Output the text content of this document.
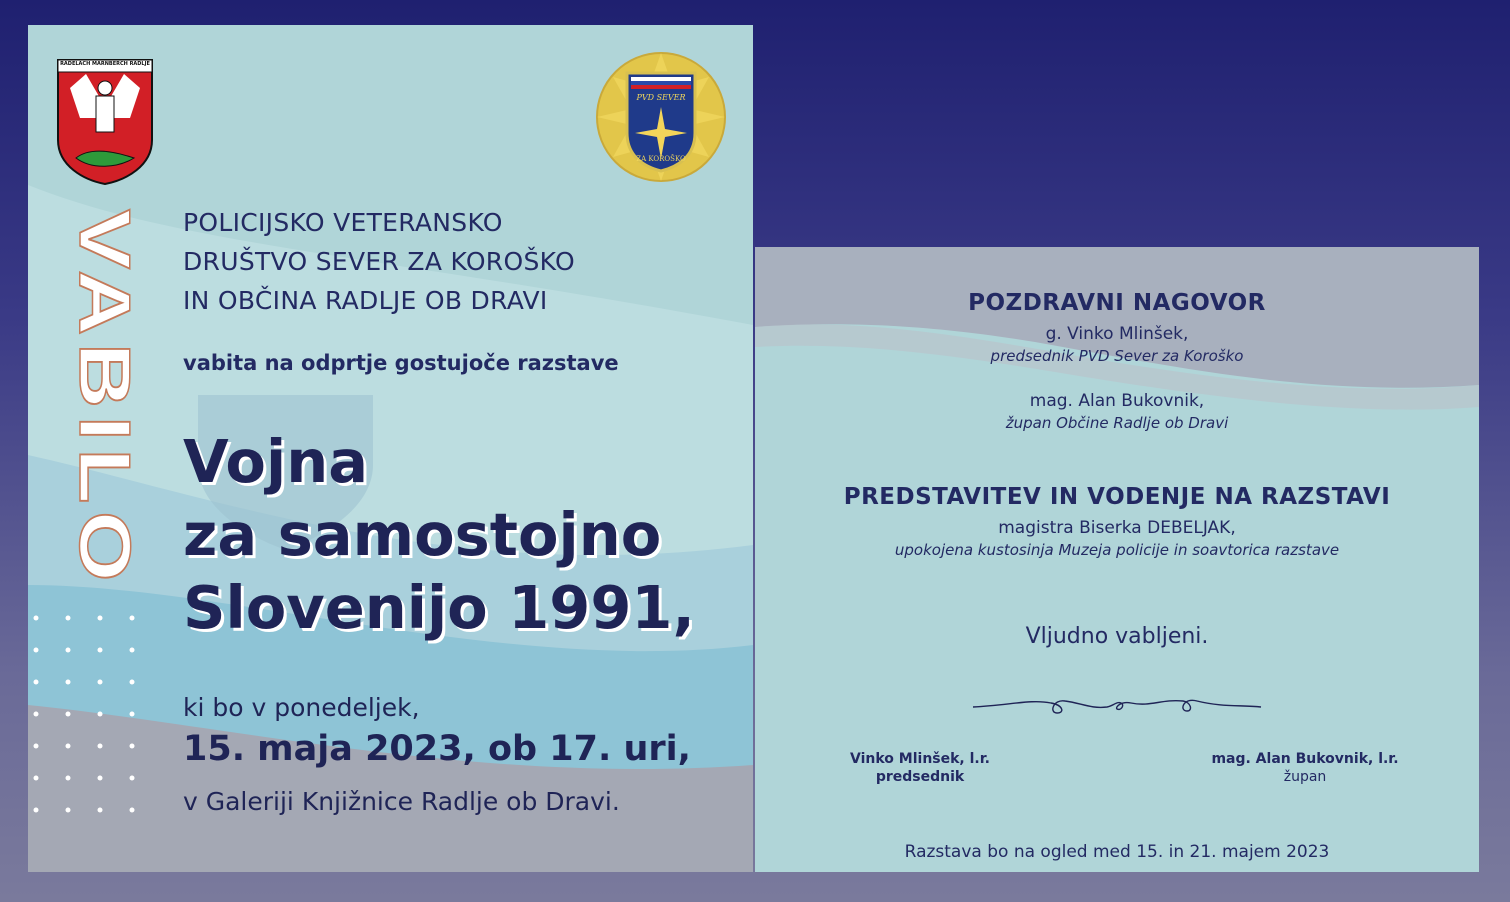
RADELACH MARNBERCH RADLJE
PVD SEVER
ZA KOROŠKO
VABILO POLICIJSKO VETERANSKO
DRUŠTVO SEVER ZA KOROŠKO
IN OBČINA RADLJE OB DRAVI
vabita na odprtje gostujoče razstave
Vojna
za samostojno
Slovenijo 1991,
ki bo v ponedeljek,
15. maja 2023, ob 17. uri,
v Galeriji Knjižnice Radlje ob Dravi.
POZDRAVNI NAGOVOR
g. Vinko Mlinšek,
predsednik PVD Sever za Koroško
mag. Alan Bukovnik,
župan Občine Radlje ob Dravi
PREDSTAVITEV IN VODENJE NA RAZSTAVI
magistra Biserka DEBELJAK,
upokojena kustosinja Muzeja policije in soavtorica razstave
Vljudno vabljeni.
Vinko Mlinšek, l.r.
predsednik
mag. Alan Bukovnik, l.r.
župan
Razstava bo na ogled med 15. in 21. majem 2023
